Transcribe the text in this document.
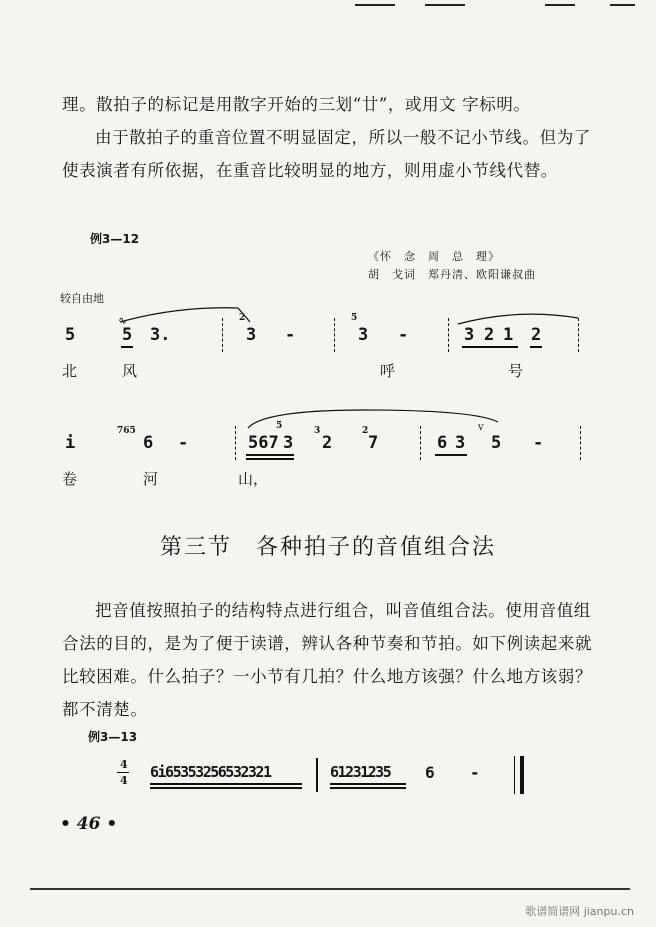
理。散拍子的标记是用散字开始的三划“廿”，或用文 字标明。

由于散拍子的重音位置不明显固定，所以一般不记小节线。但为了使表演者有所依据，在重音比较明显的地方，则用虚小节线代替。

例3—12
《怀　念　周　总　理》
胡　戈词　郑丹清、欧阳谦叔曲
较自由地
5	5
∿
3.
2
3 -
5
3 -	3 2 1 2
北	风	呼	号
i
765
6 -	567
5
3
3
2
2
7	6 3
v
5 -
卷	河	山，
第三节　各种拍子的音值组合法

把音值按照拍子的结构特点进行组合，叫音值组合法。使用音值组合法的目的，是为了便于读谱，辨认各种节奏和节拍。如下例读起来就比较困难。什么拍子？一小节有几拍？什么地方该强？什么地方该弱？都不清楚。

例3—13
4
4 6i65353256532321	61231235 6 -
• 46 •
歌谱简谱网 jianpu.cn
